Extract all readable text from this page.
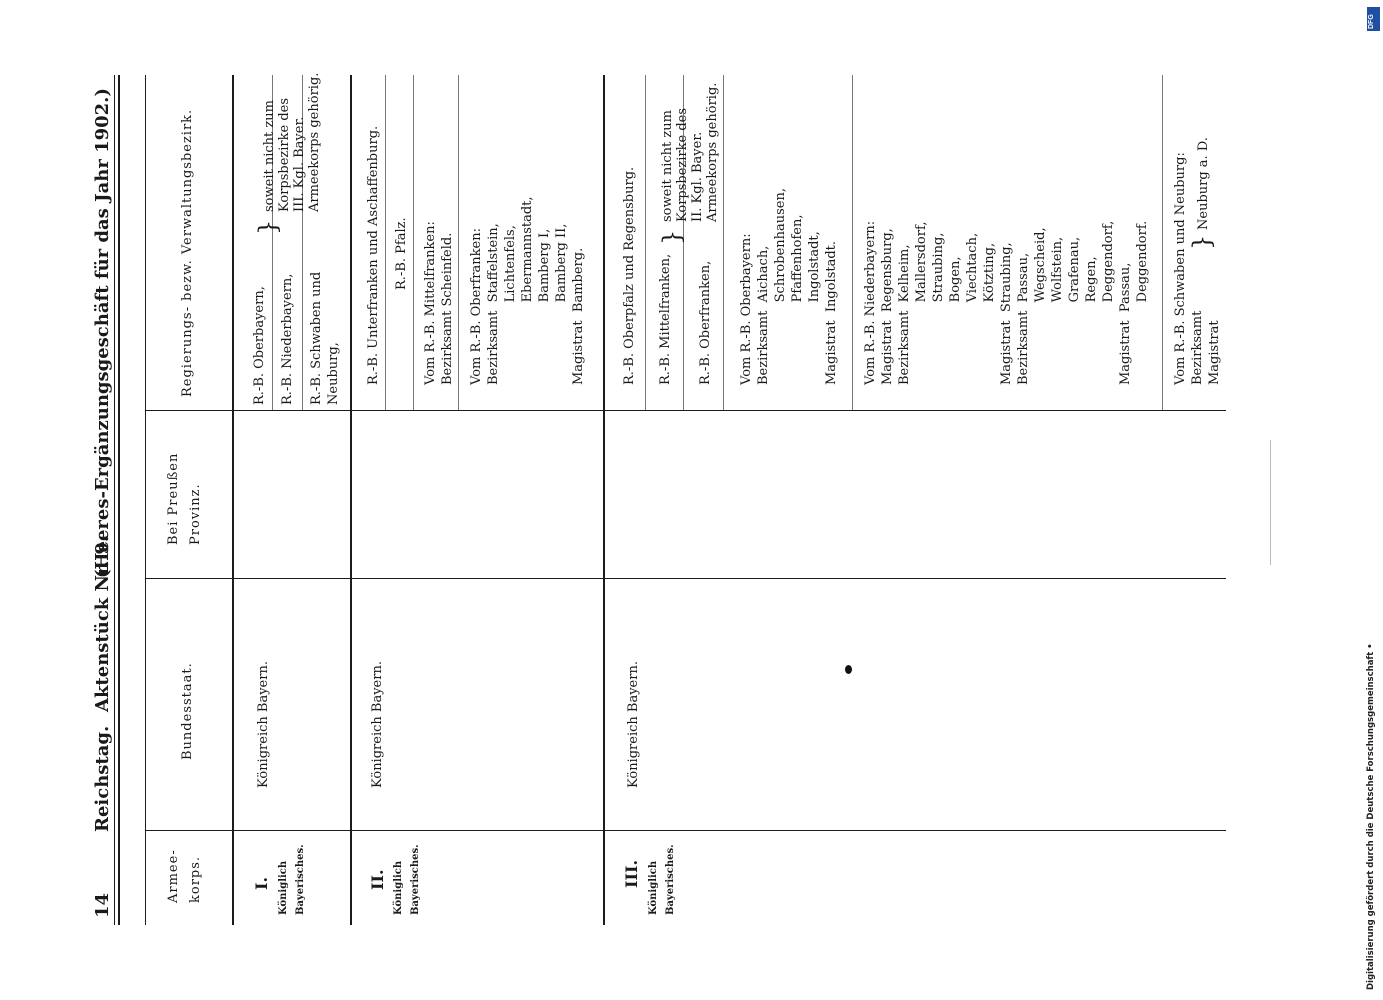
14
Reichstag.
Aktenstück Nr. 9.
(Heeres-Ergänzungsgeschäft für das Jahr 1902.)
Armee-
korps.
Bundesstaat.
Bei Preußen
Provinz.
Regierungs- bezw. Verwaltungsbezirk.
I. Königlich
Bayerisches.
Königreich Bayern.
R.-B. Oberbayern, R.-B. Niederbayern, R.-B. Schwaben und
Neuburg,
}
soweit nicht zum
Korpsbezirke des
III. Kgl. Bayer.
Armeekorps gehörig.
II. Königlich
Bayerisches.
Königreich Bayern.
R.-B. Unterfranken und Aschaffenburg. R.-B. Pfalz.
Vom R.-B. Mittelfranken:
Bezirksamt Scheinfeld.
Vom R.-B. Oberfranken:
Bezirksamt  Staffelstein,
Lichtenfels,
Ebermannstadt,
Bamberg I,
Bamberg II,
Magistrat  Bamberg.
III. Königlich
Bayerisches.
Königreich Bayern.
R.-B. Oberpfalz und Regensburg. R.-B. Mittelfranken, R.-B. Oberfranken,
}
soweit nicht zum
Korpsbezirke des
II. Kgl. Bayer.
Armeekorps gehörig.
Vom R.-B. Oberbayern:
Bezirksamt  Aichach,
Schrobenhausen,
Pfaffenhofen,
Ingolstadt,
Magistrat  Ingolstadt.
Vom R.-B. Niederbayern:
Magistrat  Regensburg,
Bezirksamt  Kelheim,
Mallersdorf,
Straubing,
Bogen,
Viechtach,
Kötzting,
Magistrat  Straubing,
Bezirksamt  Passau,
Wegscheid,
Wolfstein,
Grafenau,
Regen,
Deggendorf,
Magistrat  Passau,
Deggendorf.
Vom R.-B. Schwaben und Neuburg:
Bezirksamt
Magistrat
}
Neuburg a. D.
Digitalisierung gefördert durch die Deutsche Forschungsgemeinschaft •
DFG
